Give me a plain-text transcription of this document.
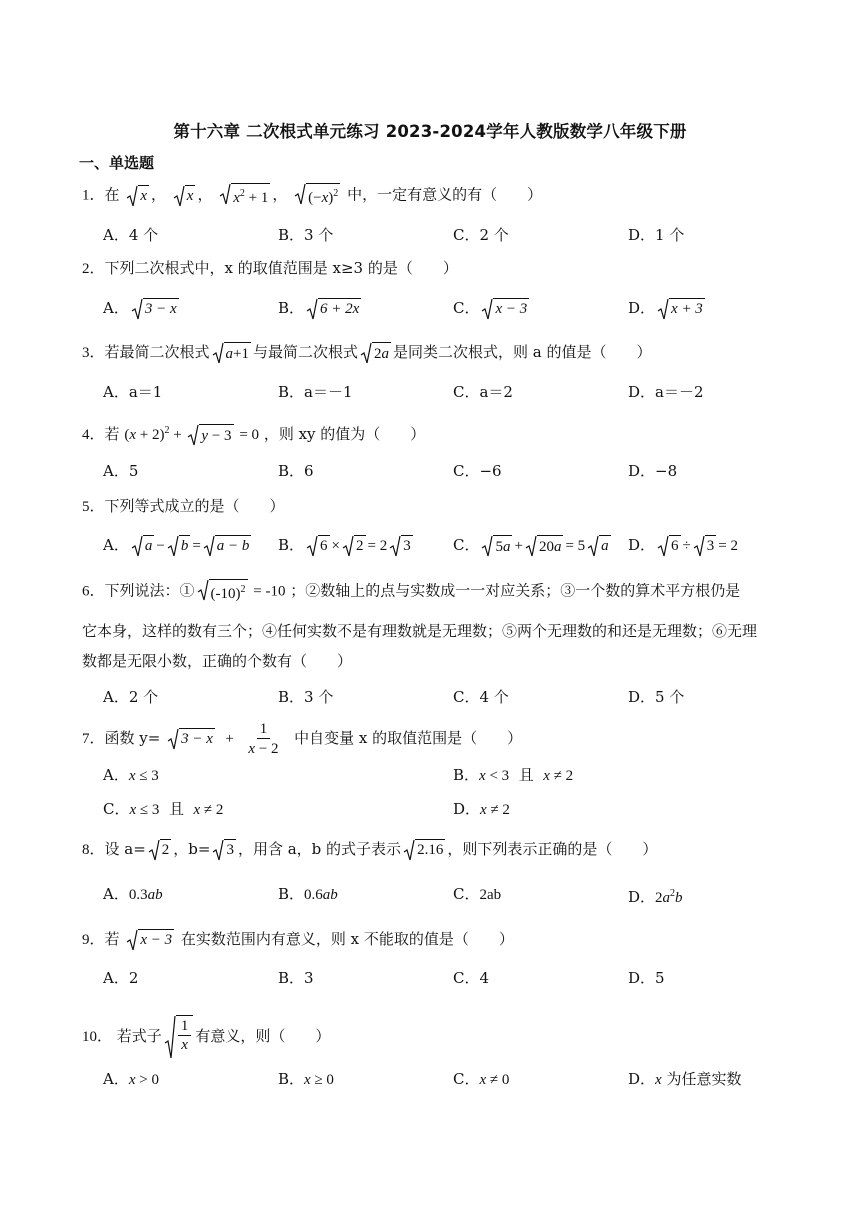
第十六章 二次根式单元练习 2023-2024学年人教版数学八年级下册
一、单选题
1．在 x ， x ， $x^2 + 1$ ， $(-x)^2$ 中，一定有意义的有（　　）
A．4 个	B．3 个	C．2 个	D．1 个
2．下列二次根式中，x 的取值范围是 x≥3 的是（　　）
A． 3 − x	B． 6 + 2x	C． x − 3	D． x + 3
3．若最简二次根式 a+1 与最简二次根式 2a 是同类二次根式，则 a 的值是（　　）
A．a＝1	B．a＝－1	C．a＝2	D．a＝－2
4．若 $(x + 2)^2 + y - 3 = 0$ ，则 xy 的值为（　　）
A．5	B．6	C．−6	D．−8
5．下列等式成立的是（　　）
A． a − b = a − b B． 6 × 2 = 2 3	C． 5a + 20a = 5 a D． 6 ÷ 3 = 2
6．下列说法：① $(-10)^2 = -10$ ；②数轴上的点与实数成一一对应关系；③一个数的算术平方根仍是
它本身，这样的数有三个；④任何实数不是有理数就是无理数；⑤两个无理数的和还是无理数；⑥无理
数都是无限小数，正确的个数有（　　）
A．2 个	B．3 个	C．4 个	D．5 个
7．函数 $y= 3 - x + \frac{1}{x - 2}$ 中自变量 x 的取值范围是（　　）
A．x ≤ 3	B．x < 3 且 x ≠ 2
C．x ≤ 3 且 x ≠ 2	D．x ≠ 2
8．设 a= 2 ，b= 3 ，用含 a，b 的式子表示 2.16 ，则下列表示正确的是（　　）
A．0.3ab	B．0.6ab	C．2ab	D．$2a^2b$
9．若 x − 3 在实数范围内有意义，则 x 不能取的值是（　　）
A．2	B．3	C．4	D．5
10． 若式子 $\frac{1}{x}$ 有意义，则（　　）
A．x > 0	B．x ≥ 0	C．x ≠ 0	D．x 为任意实数
